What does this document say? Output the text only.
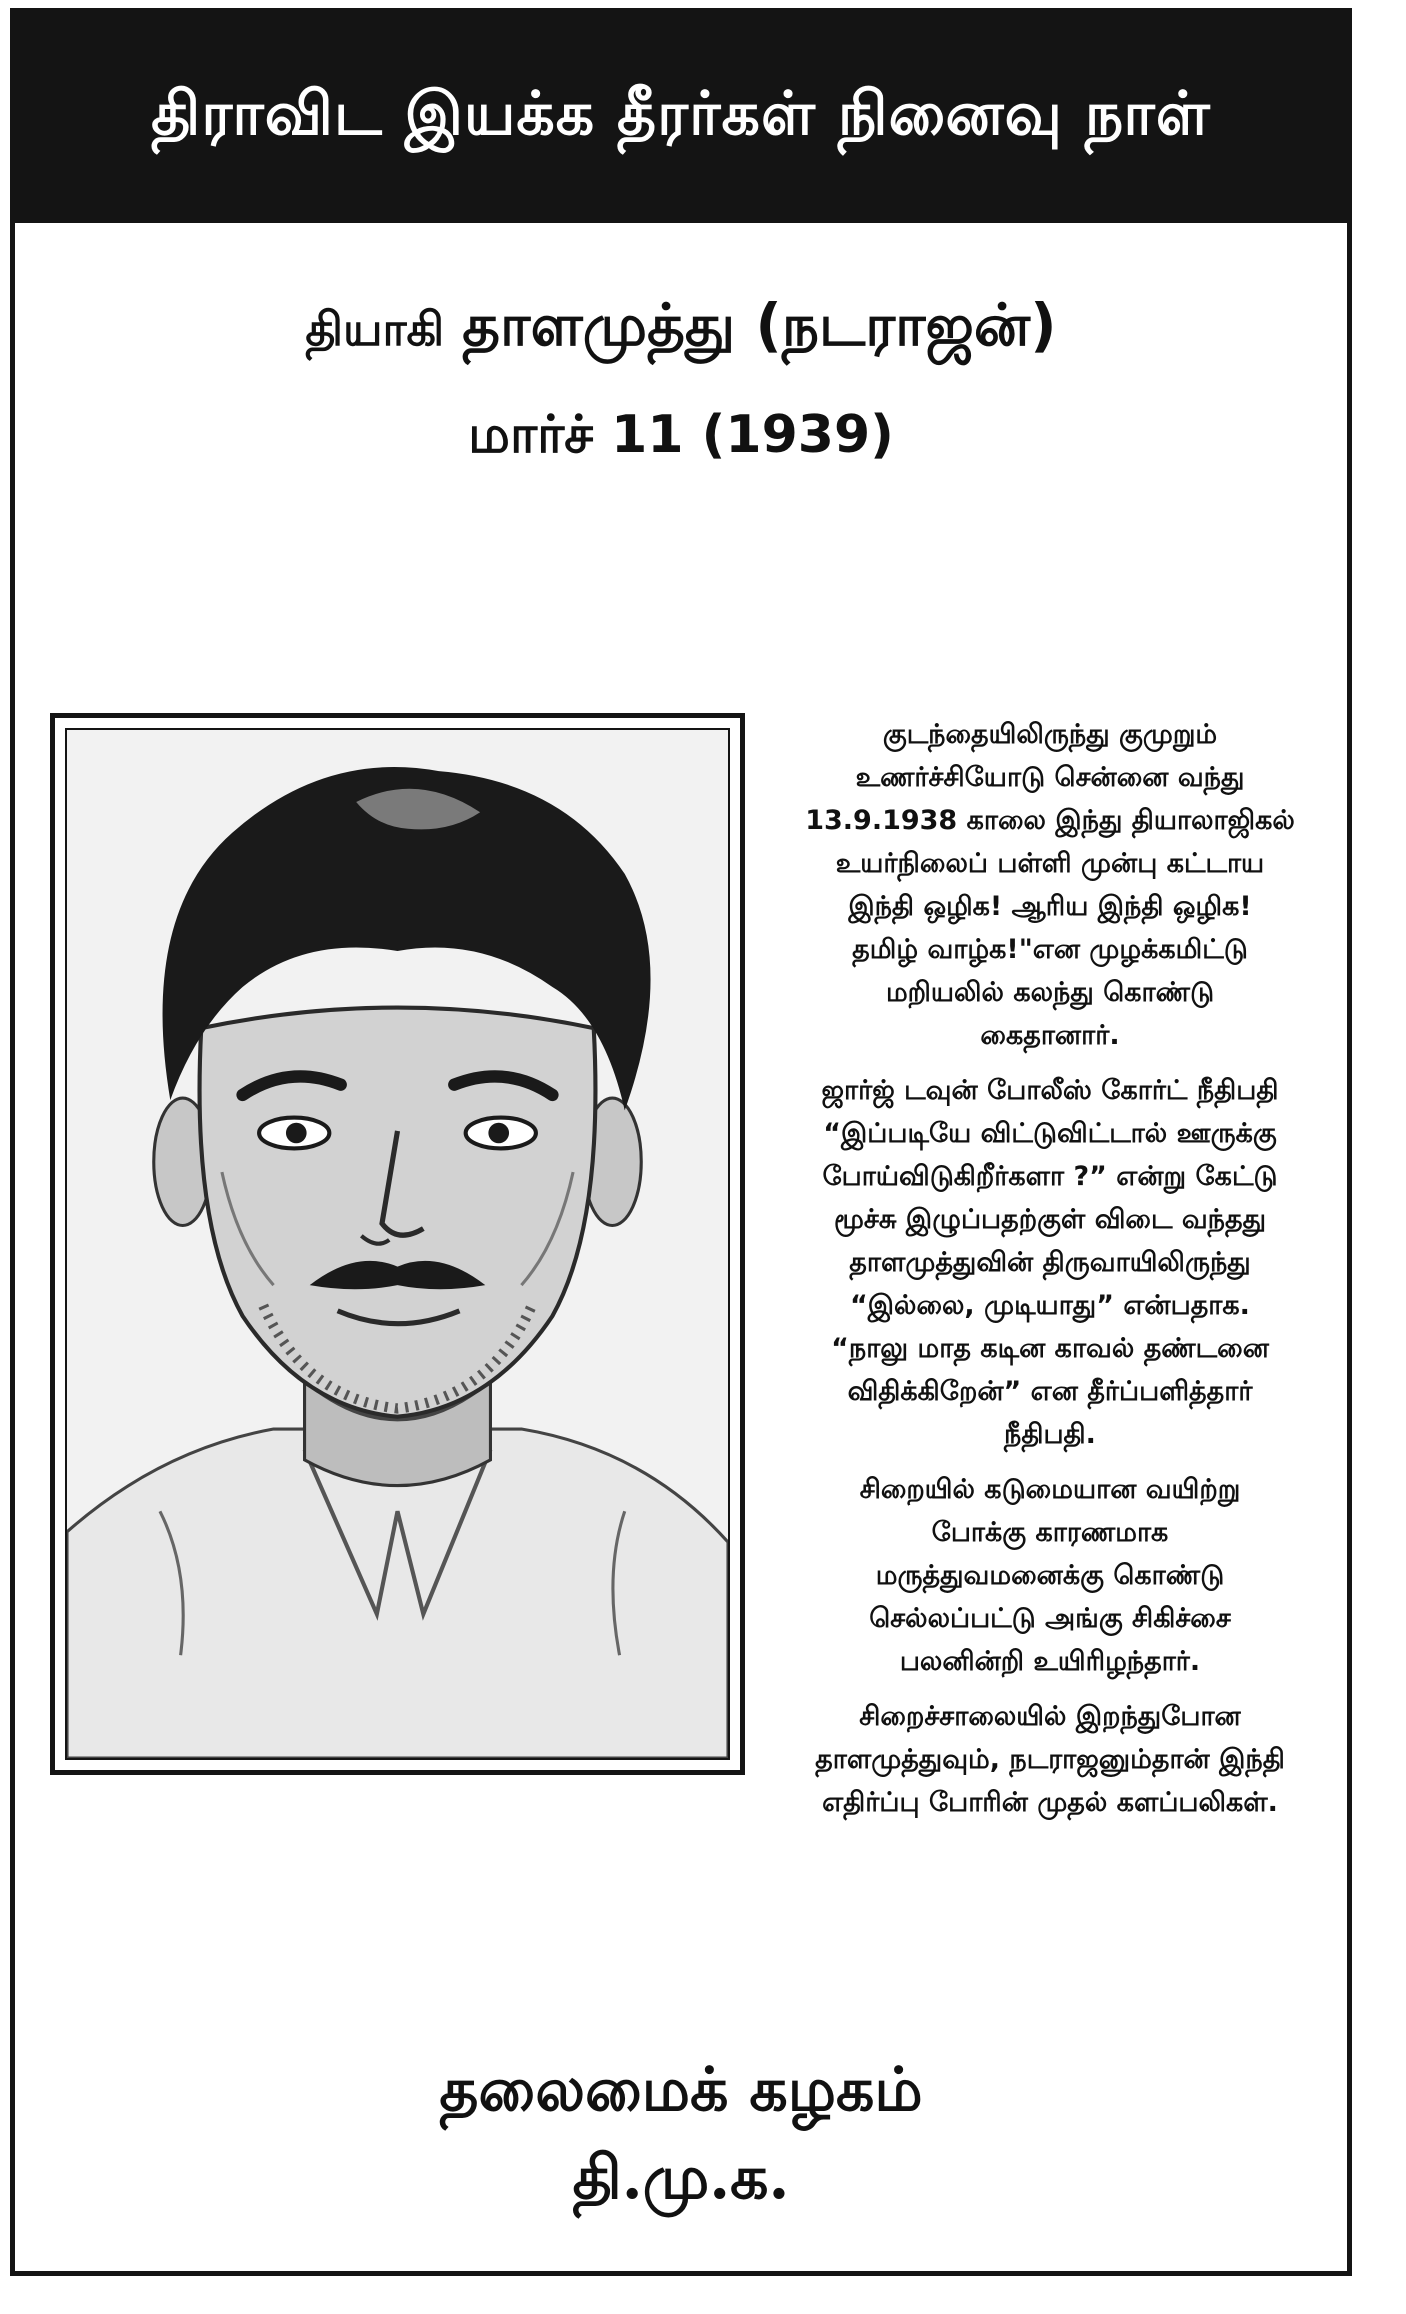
திராவிட இயக்க தீரர்கள் நினைவு நாள்
தியாகி தாளமுத்து (நடராஜன்)
மார்ச் 11 (1939)

குடந்தையிலிருந்து குமுறும்
உணர்ச்சியோடு சென்னை வந்து
13.9.1938 காலை இந்து தியாலாஜிகல்
உயர்நிலைப் பள்ளி முன்பு கட்டாய
இந்தி ஒழிக! ஆரிய இந்தி ஒழிக!
தமிழ் வாழ்க!"என முழக்கமிட்டு
மறியலில் கலந்து கொண்டு
கைதானார்.

ஜார்ஜ் டவுன் போலீஸ் கோர்ட் நீதிபதி
“இப்படியே விட்டுவிட்டால் ஊருக்கு
போய்விடுகிறீர்களா ?” என்று கேட்டு
மூச்சு இழுப்பதற்குள் விடை வந்தது
தாளமுத்துவின் திருவாயிலிருந்து
“இல்லை, முடியாது” என்பதாக.
“நாலு மாத கடின காவல் தண்டனை
விதிக்கிறேன்” என தீர்ப்பளித்தார்
நீதிபதி.

சிறையில் கடுமையான வயிற்று
போக்கு காரணமாக
மருத்துவமனைக்கு கொண்டு
செல்லப்பட்டு அங்கு சிகிச்சை
பலனின்றி உயிரிழந்தார்.

சிறைச்சாலையில் இறந்துபோன
தாளமுத்துவும், நடராஜனும்தான் இந்தி
எதிர்ப்பு போரின் முதல் களப்பலிகள்.

தலைமைக் கழகம்
தி.மு.க.
